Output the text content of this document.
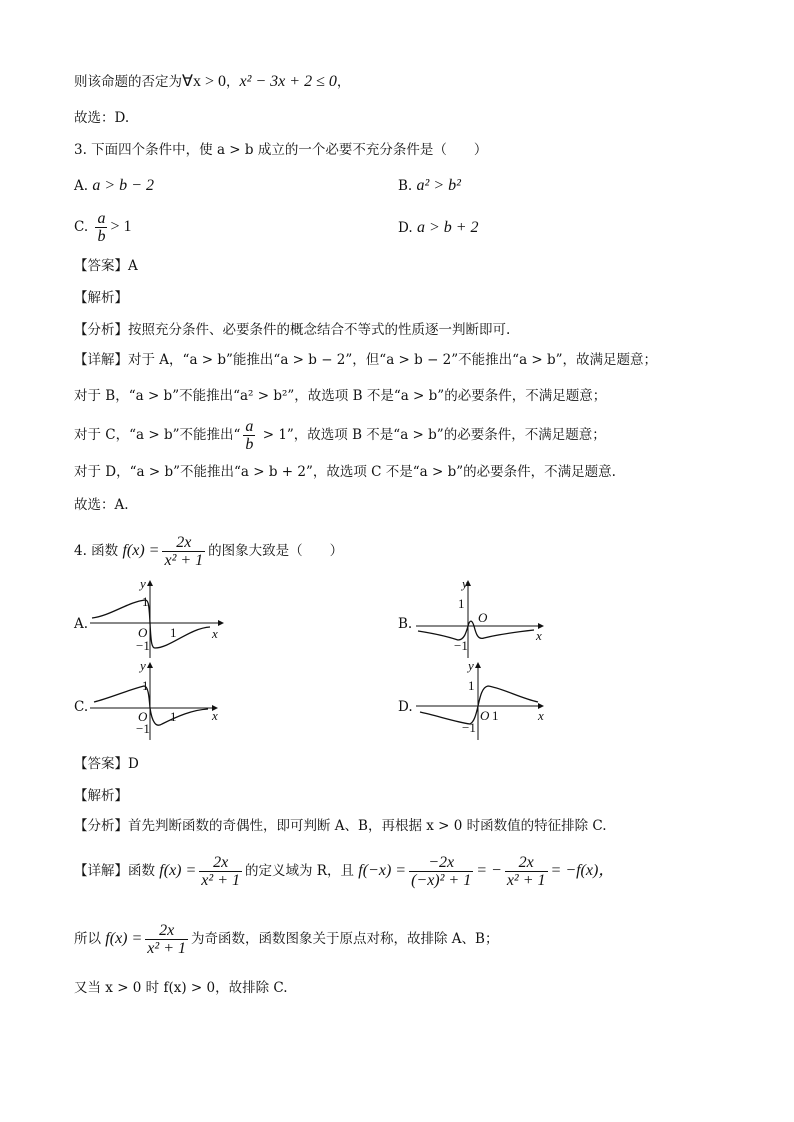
则该命题的否定为∀x > 0，x² − 3x + 2 ≤ 0，
故选：D.
3. 下面四个条件中，使 a > b 成立的一个必要不充分条件是（　　）
A. a > b − 2	B. a² > b²
C. $\frac{a}{b} > 1$	D. a > b + 2
【答案】A
【解析】
【分析】按照充分条件、必要条件的概念结合不等式的性质逐一判断即可.
【详解】对于 A，“a > b”能推出“a > b − 2”，但“a > b − 2”不能推出“a > b”，故满足题意；
对于 B，“a > b”不能推出“a² > b²”，故选项 B 不是“a > b”的必要条件，不满足题意；
对于 C，“a > b”不能推出“ $\frac{a}{b} > 1$”，故选项 B 不是“a > b”的必要条件，不满足题意；
对于 D，“a > b”不能推出“a > b + 2”，故选项 C 不是“a > b”的必要条件，不满足题意.
故选：A.
4. 函数 $f(x) = \frac{2x}{\text{x² + 1}}$ 的图象大致是（　　）
A.
y
x
O
1
−1
1
B.
y
x
O
1
−1
C.
y
x
O
1
−1
1
D.
y
x
O
1
−1
1
【答案】D
【解析】
【分析】首先判断函数的奇偶性，即可判断 A、B，再根据 x > 0 时函数值的特征排除 C.
【详解】函数 $f(x) = \frac{2x}{\text{x² + 1}}$ 的定义域为 R，且 $f(-x) = \frac{-2x}{\text{(−x)² + 1}}$ = − $\frac{2x}{\text{x² + 1}} = -f(x)$，
所以 $f(x) = \frac{2x}{\text{x² + 1}}$ 为奇函数，函数图象关于原点对称，故排除 A、B；
又当 x > 0 时 f(x) > 0，故排除 C.
